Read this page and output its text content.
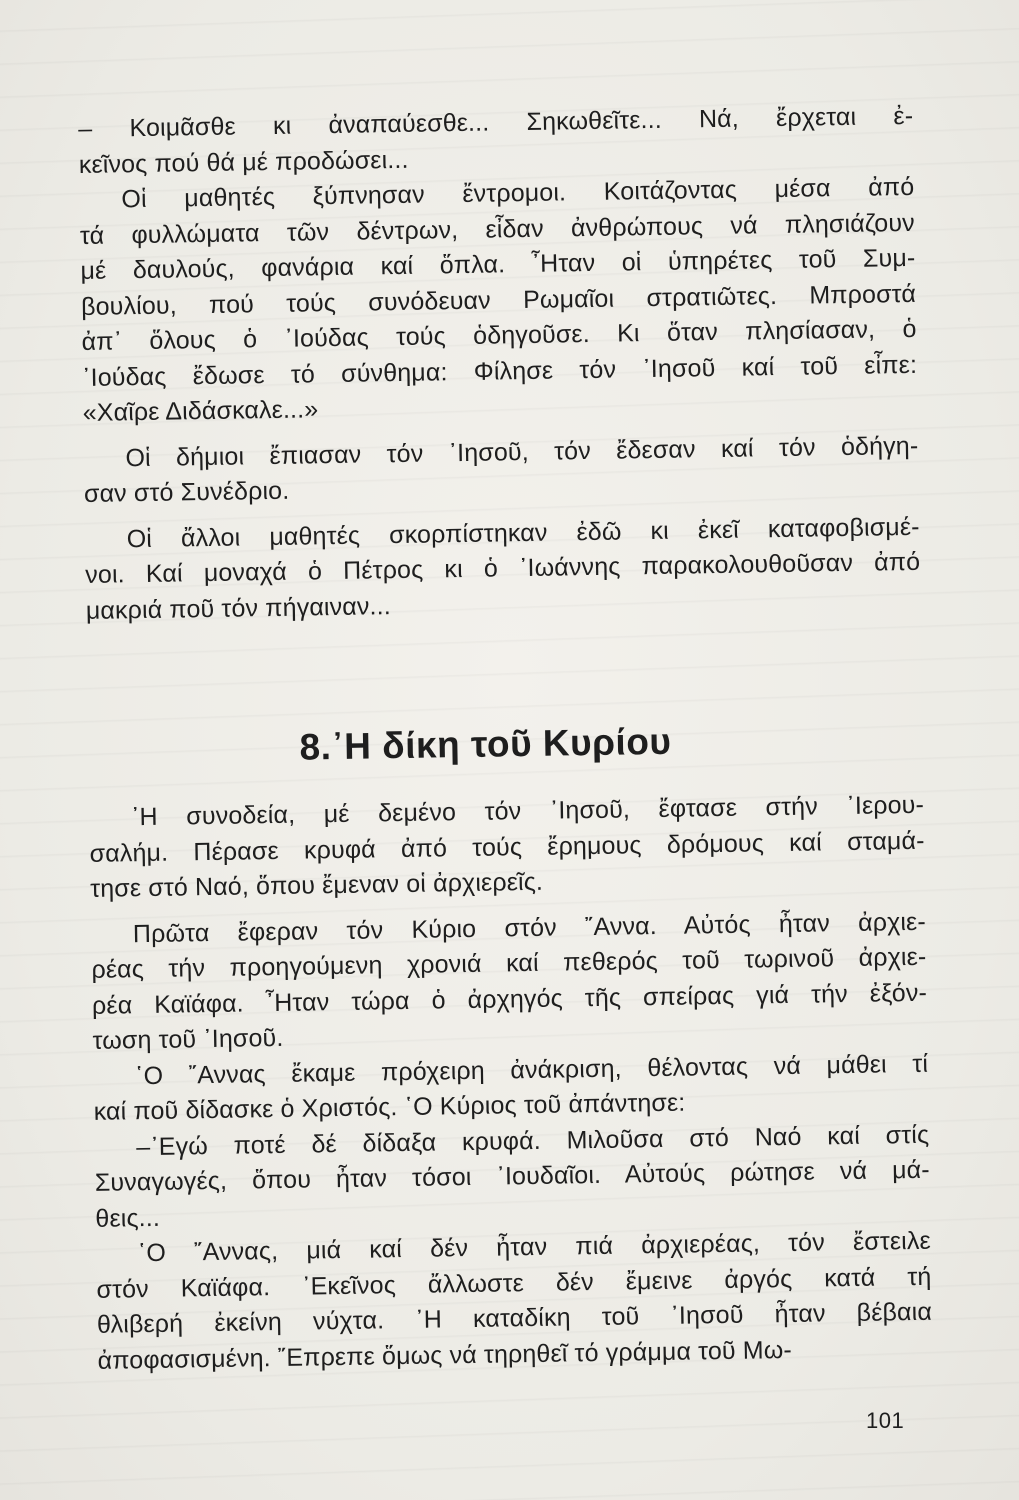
– Κοιμᾶσθε κι ἀναπαύεσθε... Σηκωθεῖτε... Νά, ἔρχεται ἐ-
κεῖνος πού θά μέ προδώσει...
Οἱ μαθητές ξύπνησαν ἔντρομοι. Κοιτάζοντας μέσα ἀπό
τά φυλλώματα τῶν δέντρων, εἶδαν ἀνθρώπους νά πλησιάζουν
μέ δαυλούς, φανάρια καί ὅπλα. ῏Ηταν οἱ ὑπηρέτες τοῦ Συμ-
βουλίου, πού τούς συνόδευαν Ρωμαῖοι στρατιῶτες. Μπροστά
ἀπ᾽ ὅλους ὁ ᾽Ιούδας τούς ὁδηγοῦσε. Κι ὅταν πλησίασαν, ὁ
᾽Ιούδας ἔδωσε τό σύνθημα: Φίλησε τόν ᾽Ιησοῦ καί τοῦ εἶπε:
«Χαῖρε Διδάσκαλε...»
Οἱ δήμιοι ἔπιασαν τόν ᾽Ιησοῦ, τόν ἔδεσαν καί τόν ὁδήγη-
σαν στό Συνέδριο.
Οἱ ἄλλοι μαθητές σκορπίστηκαν ἐδῶ κι ἐκεῖ καταφοβισμέ-
νοι. Καί μοναχά ὁ Πέτρος κι ὁ ᾽Ιωάννης παρακολουθοῦσαν ἀπό
μακριά ποῦ τόν πήγαιναν...
8.᾽Η δίκη τοῦ Κυρίου
᾽Η συνοδεία, μέ δεμένο τόν ᾽Ιησοῦ, ἔφτασε στήν ᾽Ιερου-
σαλήμ. Πέρασε κρυφά ἀπό τούς ἔρημους δρόμους καί σταμά-
τησε στό Ναό, ὅπου ἔμεναν οἱ ἀρχιερεῖς.
Πρῶτα ἔφεραν τόν Κύριο στόν ῎Αννα. Αὐτός ἦταν ἀρχιε-
ρέας τήν προηγούμενη χρονιά καί πεθερός τοῦ τωρινοῦ ἀρχιε-
ρέα Καϊάφα. ῏Ηταν τώρα ὁ ἀρχηγός τῆς σπείρας γιά τήν ἐξόν-
τωση τοῦ ᾽Ιησοῦ.
῾Ο ῎Αννας ἔκαμε πρόχειρη ἀνάκριση, θέλοντας νά μάθει τί
καί ποῦ δίδασκε ὁ Χριστός. ῾Ο Κύριος τοῦ ἀπάντησε:
–᾽Εγώ ποτέ δέ δίδαξα κρυφά. Μιλοῦσα στό Ναό καί στίς
Συναγωγές, ὅπου ἦταν τόσοι ᾽Ιουδαῖοι. Αὐτούς ρώτησε νά μά-
θεις...
῾Ο ῎Αννας, μιά καί δέν ἦταν πιά ἀρχιερέας, τόν ἔστειλε
στόν Καϊάφα. ᾽Εκεῖνος ἄλλωστε δέν ἔμεινε ἀργός κατά τή
θλιβερή ἐκείνη νύχτα. ᾽Η καταδίκη τοῦ ᾽Ιησοῦ ἦταν βέβαια
ἀποφασισμένη. ῎Επρεπε ὅμως νά τηρηθεῖ τό γράμμα τοῦ Μω-
101
